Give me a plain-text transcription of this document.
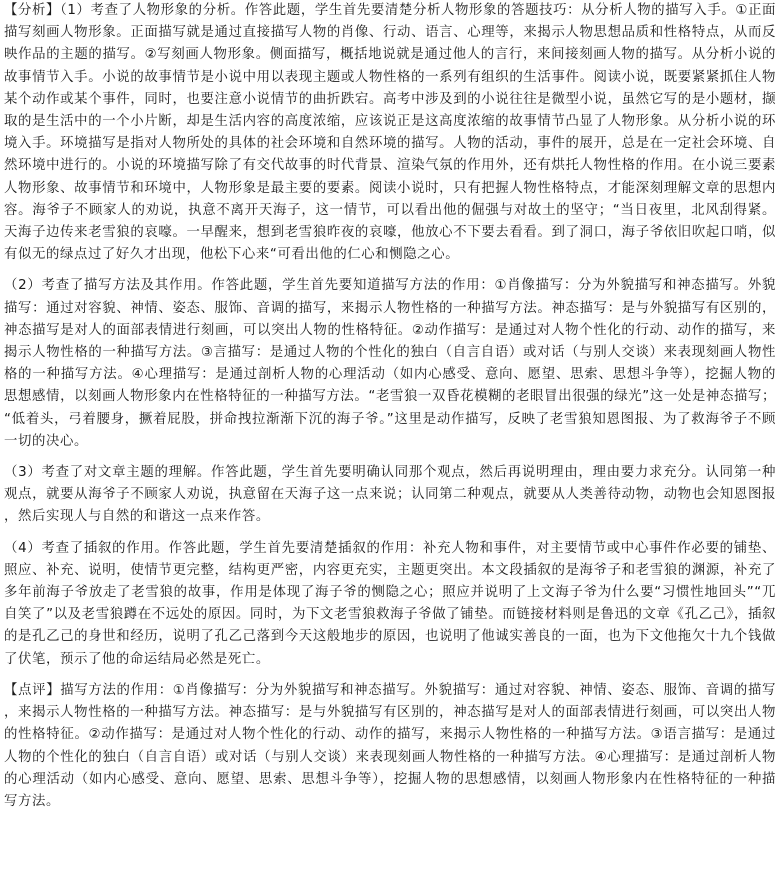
【分析】（1）考查了人物形象的分析。作答此题，学生首先要清楚分析人物形象的答题技巧：从分析人物的描写入手。①正面描写刻画人物形象。正面描写就是通过直接描写人物的肖像、行动、语言、心理等，来揭示人物思想品质和性格特点，从而反映作品的主题的描写。②写刻画人物形象。侧面描写，概括地说就是通过他人的言行，来间接刻画人物的描写。从分析小说的故事情节入手。小说的故事情节是小说中用以表现主题或人物性格的一系列有组织的生活事件。阅读小说，既要紧紧抓住人物某个动作或某个事件，同时，也要注意小说情节的曲折跌宕。高考中涉及到的小说往往是微型小说，虽然它写的是小题材，撷取的是生活中的一个小片断，却是生活内容的高度浓缩，应该说正是这高度浓缩的故事情节凸显了人物形象。从分析小说的环境入手。环境描写是指对人物所处的具体的社会环境和自然环境的描写。人物的活动，事件的展开，总是在一定社会环境、自然环境中进行的。小说的环境描写除了有交代故事的时代背景、渲染气氛的作用外，还有烘托人物性格的作用。在小说三要素人物形象、故事情节和环境中，人物形象是最主要的要素。阅读小说时，只有把握人物性格特点，才能深刻理解文章的思想内容。海爷子不顾家人的劝说，执意不离开天海子，这一情节，可以看出他的倔强与对故土的坚守；“当日夜里，北风刮得紧。天海子边传来老雪狼的哀嚎。一早醒来，想到老雪狼昨夜的哀嚎，他放心不下要去看看。到了洞口，海子爷依旧吹起口哨，似有似无的绿点过了好久才出现，他松下心来“可看出他的仁心和恻隐之心。

（2）考查了描写方法及其作用。作答此题，学生首先要知道描写方法的作用：①肖像描写：分为外貌描写和神态描写。外貌描写：通过对容貌、神情、姿态、服饰、音调的描写，来揭示人物性格的一种描写方法。神态描写：是与外貌描写有区别的，神态描写是对人的面部表情进行刻画，可以突出人物的性格特征。②动作描写：是通过对人物个性化的行动、动作的描写，来揭示人物性格的一种描写方法。③言描写：是通过人物的个性化的独白（自言自语）或对话（与别人交谈）来表现刻画人物性格的一种描写方法。④心理描写：是通过剖析人物的心理活动（如内心感受、意向、愿望、思索、思想斗争等），挖掘人物的思想感情，以刻画人物形象内在性格特征的一种描写方法。“老雪狼一双昏花模糊的老眼冒出很强的绿光”这一处是神态描写；“低着头，弓着腰身，撅着屁股，拼命拽拉渐渐下沉的海子爷。”这里是动作描写，反映了老雪狼知恩图报、为了救海爷子不顾一切的决心。

（3）考查了对文章主题的理解。作答此题，学生首先要明确认同那个观点，然后再说明理由，理由要力求充分。认同第一种观点，就要从海爷子不顾家人劝说，执意留在天海子这一点来说；认同第二种观点，就要从人类善待动物，动物也会知恩图报，然后实现人与自然的和谐这一点来作答。

（4）考查了插叙的作用。作答此题，学生首先要清楚插叙的作用：补充人物和事件，对主要情节或中心事件作必要的铺垫、照应、补充、说明，使情节更完整，结构更严密，内容更充实，主题更突出。本文段插叙的是海爷子和老雪狼的渊源，补充了多年前海子爷放走了老雪狼的故事，作用是体现了海子爷的恻隐之心；照应并说明了上文海子爷为什么要“习惯性地回头”“兀自笑了”以及老雪狼蹲在不远处的原因。同时，为下文老雪狼救海子爷做了铺垫。而链接材料则是鲁迅的文章《孔乙己》，插叙的是孔乙己的身世和经历，说明了孔乙己落到今天这般地步的原因，也说明了他诚实善良的一面，也为下文他拖欠十九个钱做了伏笔，预示了他的命运结局必然是死亡。

【点评】描写方法的作用：①肖像描写：分为外貌描写和神态描写。外貌描写：通过对容貌、神情、姿态、服饰、音调的描写，来揭示人物性格的一种描写方法。神态描写：是与外貌描写有区别的，神态描写是对人的面部表情进行刻画，可以突出人物的性格特征。②动作描写：是通过对人物个性化的行动、动作的描写，来揭示人物性格的一种描写方法。③语言描写：是通过人物的个性化的独白（自言自语）或对话（与别人交谈）来表现刻画人物性格的一种描写方法。④心理描写：是通过剖析人物的心理活动（如内心感受、意向、愿望、思索、思想斗争等），挖掘人物的思想感情，以刻画人物形象内在性格特征的一种描写方法。
